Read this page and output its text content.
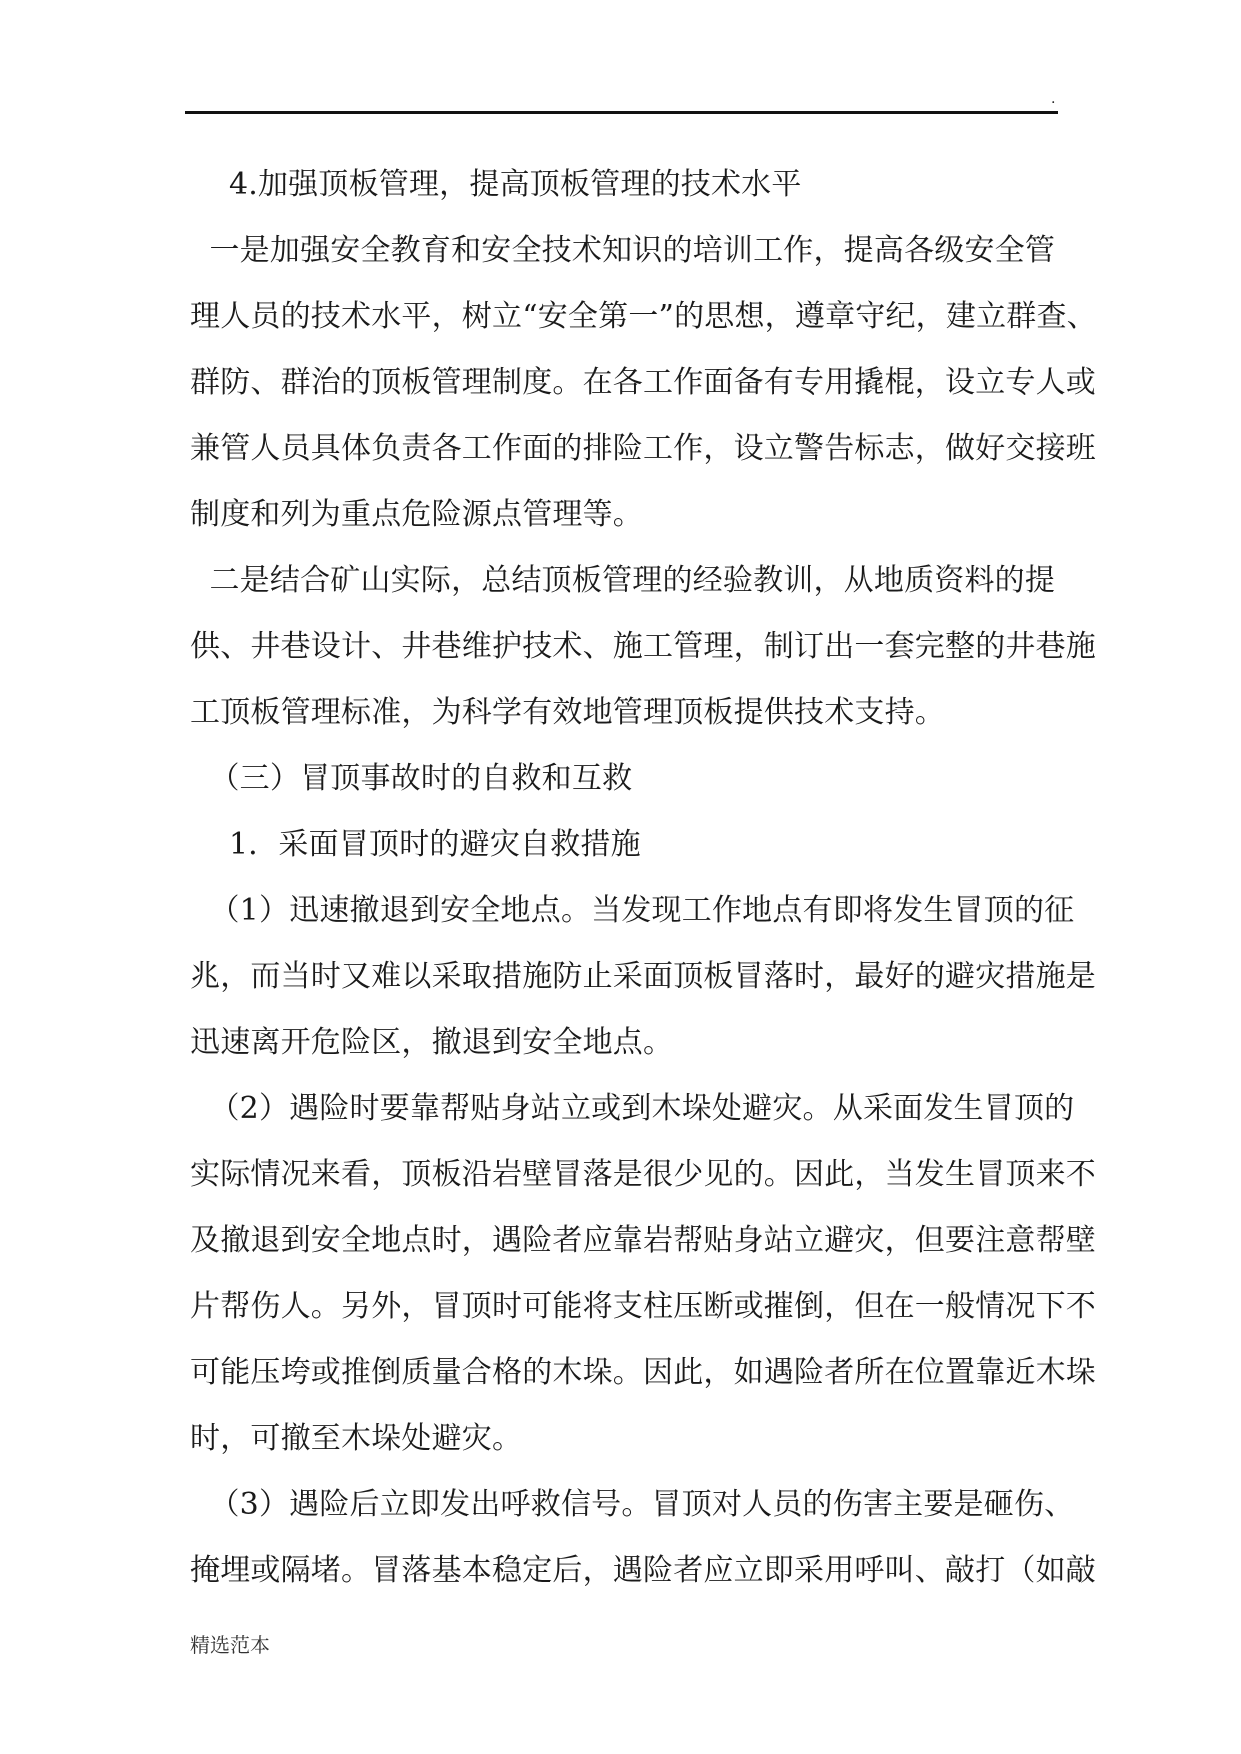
.
4.加强顶板管理，提高顶板管理的技术水平
一是加强安全教育和安全技术知识的培训工作，提高各级安全管
理人员的技术水平，树立“安全第一”的思想，遵章守纪，建立群查、
群防、群治的顶板管理制度。在各工作面备有专用撬棍，设立专人或
兼管人员具体负责各工作面的排险工作，设立警告标志，做好交接班
制度和列为重点危险源点管理等。
二是结合矿山实际，总结顶板管理的经验教训，从地质资料的提
供、井巷设计、井巷维护技术、施工管理，制订出一套完整的井巷施
工顶板管理标准，为科学有效地管理顶板提供技术支持。
（三）冒顶事故时的自救和互救
1．采面冒顶时的避灾自救措施
（1）迅速撤退到安全地点。当发现工作地点有即将发生冒顶的征
兆，而当时又难以采取措施防止采面顶板冒落时，最好的避灾措施是
迅速离开危险区，撤退到安全地点。
（2）遇险时要靠帮贴身站立或到木垛处避灾。从采面发生冒顶的
实际情况来看，顶板沿岩壁冒落是很少见的。因此，当发生冒顶来不
及撤退到安全地点时，遇险者应靠岩帮贴身站立避灾，但要注意帮壁
片帮伤人。另外，冒顶时可能将支柱压断或摧倒，但在一般情况下不
可能压垮或推倒质量合格的木垛。因此，如遇险者所在位置靠近木垛
时，可撤至木垛处避灾。
（3）遇险后立即发出呼救信号。冒顶对人员的伤害主要是砸伤、
掩埋或隔堵。冒落基本稳定后，遇险者应立即采用呼叫、敲打（如敲
精选范本
